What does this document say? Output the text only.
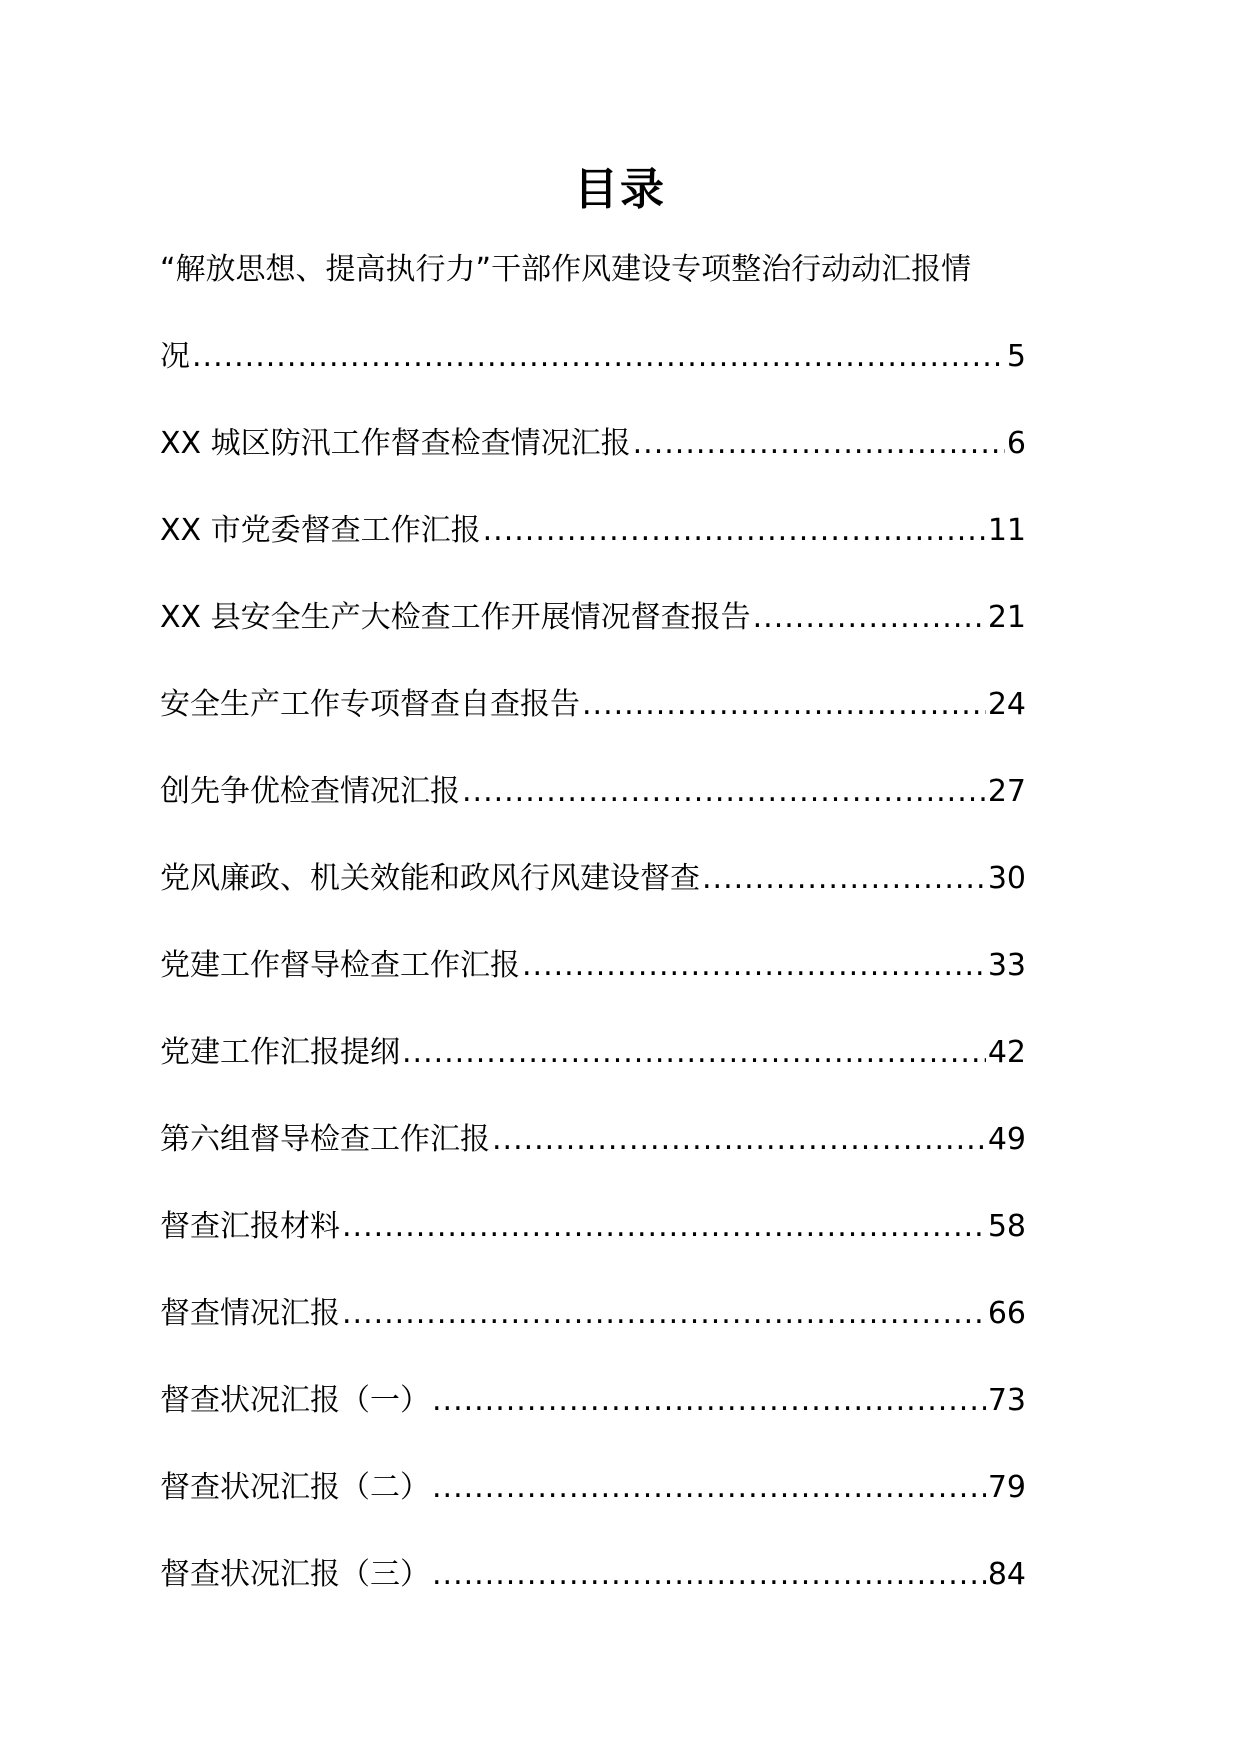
目录
“解放思想、提高执行力”干部作风建设专项整治行动动汇报情
况 .....	5
XX 城区防汛工作督查检查情况汇报 .....	6
XX 市党委督查工作汇报 .....	11
XX 县安全生产大检查工作开展情况督查报告 .....	21
安全生产工作专项督查自查报告 .....	24
创先争优检查情况汇报 .....	27
党风廉政、机关效能和政风行风建设督查 .....	30
党建工作督导检查工作汇报 .....	33
党建工作汇报提纲 .....	42
第六组督导检查工作汇报 .....	49
督查汇报材料 .....	58
督查情况汇报 .....	66
督查状况汇报（一） .....	73
督查状况汇报（二） .....	79
督查状况汇报（三） .....	84
